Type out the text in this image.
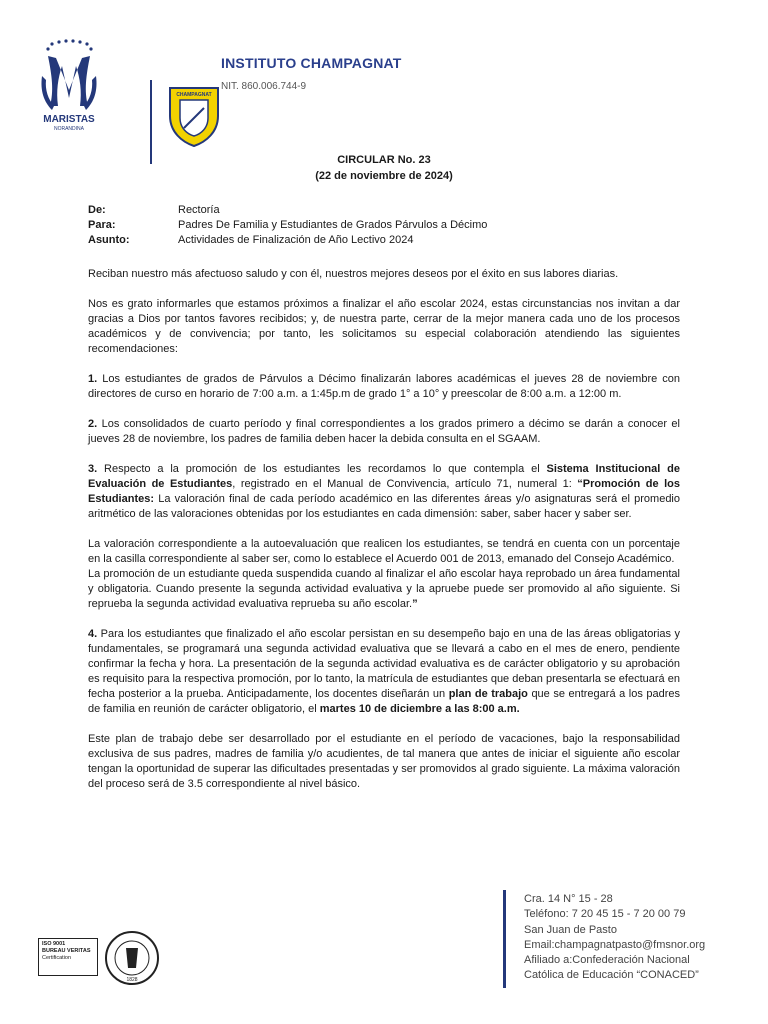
MARISTAS
NORANDINA
CHAMPAGNAT
INSTITUTO CHAMPAGNAT
NIT. 860.006.744-9
CIRCULAR No. 23
(22 de noviembre de 2024)
De:	Rectoría
Para:	Padres De Familia y Estudiantes de Grados Párvulos a Décimo
Asunto:	Actividades de Finalización de Año Lectivo 2024

Reciban nuestro más afectuoso saludo y con él, nuestros mejores deseos por el éxito en sus labores diarias.

Nos es grato informarles que estamos próximos a finalizar el año escolar 2024, estas circunstancias nos invitan a dar gracias a Dios por tantos favores recibidos; y, de nuestra parte, cerrar de la mejor manera cada uno de los procesos académicos y de convivencia; por tanto, les solicitamos su especial colaboración atendiendo las siguientes recomendaciones:

1. Los estudiantes de grados de Párvulos a Décimo finalizarán labores académicas el jueves 28 de noviembre con directores de curso en horario de 7:00 a.m. a 1:45p.m de grado 1° a 10° y preescolar de 8:00 a.m. a 12:00 m.

2. Los consolidados de cuarto período y final correspondientes a los grados primero a décimo se darán a conocer el jueves 28 de noviembre, los padres de familia deben hacer la debida consulta en el SGAAM.

3. Respecto a la promoción de los estudiantes les recordamos lo que contempla el Sistema Institucional de Evaluación de Estudiantes, registrado en el Manual de Convivencia, artículo 71, numeral 1: “Promoción de los Estudiantes: La valoración final de cada período académico en las diferentes áreas y/o asignaturas será el promedio aritmético de las valoraciones obtenidas por los estudiantes en cada dimensión: saber, saber hacer y saber ser.

La valoración correspondiente a la autoevaluación que realicen los estudiantes, se tendrá en cuenta con un porcentaje en la casilla correspondiente al saber ser, como lo establece el Acuerdo 001 de 2013, emanado del Consejo Académico.

La promoción de un estudiante queda suspendida cuando al finalizar el año escolar haya reprobado un área fundamental y obligatoria. Cuando presente la segunda actividad evaluativa y la apruebe puede ser promovido al año siguiente. Si reprueba la segunda actividad evaluativa reprueba su año escolar.”

4. Para los estudiantes que finalizado el año escolar persistan en su desempeño bajo en una de las áreas obligatorias y fundamentales, se programará una segunda actividad evaluativa que se llevará a cabo en el mes de enero, pendiente confirmar la fecha y hora. La presentación de la segunda actividad evaluativa es de carácter obligatorio y su aprobación es requisito para la respectiva promoción, por lo tanto, la matrícula de estudiantes que deban presentarla se efectuará en fecha posterior a la prueba. Anticipadamente, los docentes diseñarán un plan de trabajo que se entregará a los padres de familia en reunión de carácter obligatorio, el martes 10 de diciembre a las 8:00 a.m.

Este plan de trabajo debe ser desarrollado por el estudiante en el período de vacaciones, bajo la responsabilidad exclusiva de sus padres, madres de familia y/o acudientes, de tal manera que antes de iniciar el siguiente año escolar tengan la oportunidad de superar las dificultades presentadas y ser promovidos al grado siguiente. La máxima valoración del proceso será de 3.5 correspondiente al nivel básico.

ISO 9001
BUREAU VERITAS
Certification
1828
Cra. 14 N° 15 - 28
Teléfono: 7 20 45 15 - 7 20 00 79
San Juan de Pasto
Email:champagnatpasto@fmsnor.org
Afiliado a:Confederación Nacional
Católica de Educación “CONACED”
